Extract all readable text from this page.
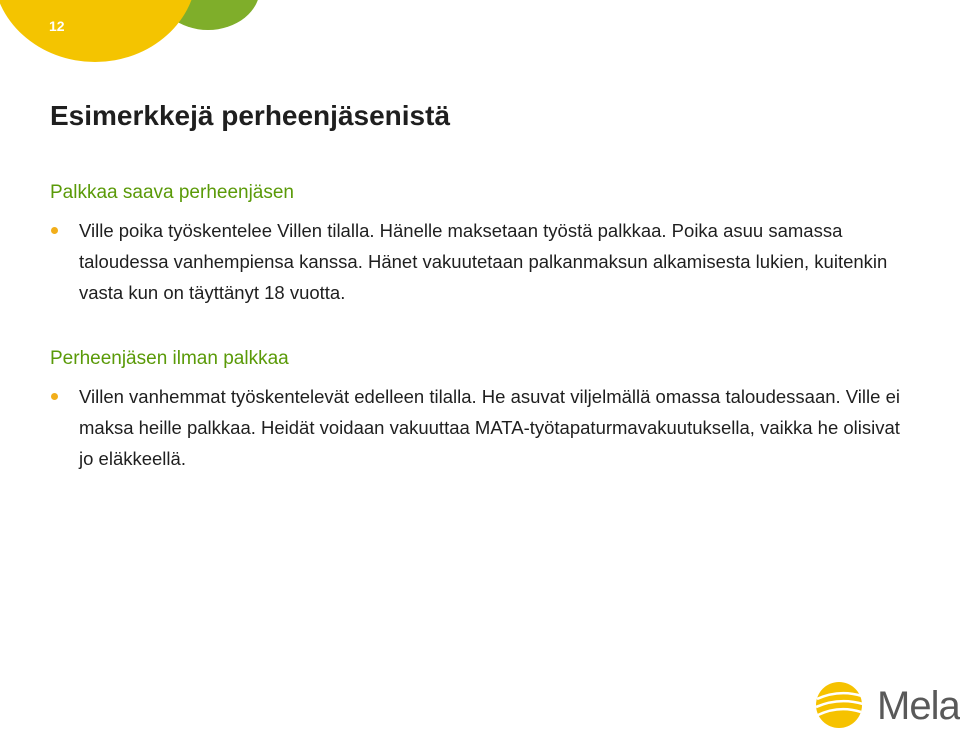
12
Esimerkkejä perheenjäsenistä
Palkkaa saava perheenjäsen
Ville poika työskentelee Villen tilalla. Hänelle maksetaan työstä palkkaa. Poika asuu samassa taloudessa vanhempiensa kanssa. Hänet vakuutetaan palkanmaksun alkamisesta lukien, kuitenkin vasta kun on täyttänyt 18 vuotta.
Perheenjäsen ilman palkkaa
Villen vanhemmat työskentelevät edelleen tilalla. He asuvat viljelmällä omassa taloudessaan. Ville ei maksa heille palkkaa. Heidät voidaan vakuuttaa MATA-työtapaturmavakuutuksella, vaikka he olisivat jo eläkkeellä.
Mela
